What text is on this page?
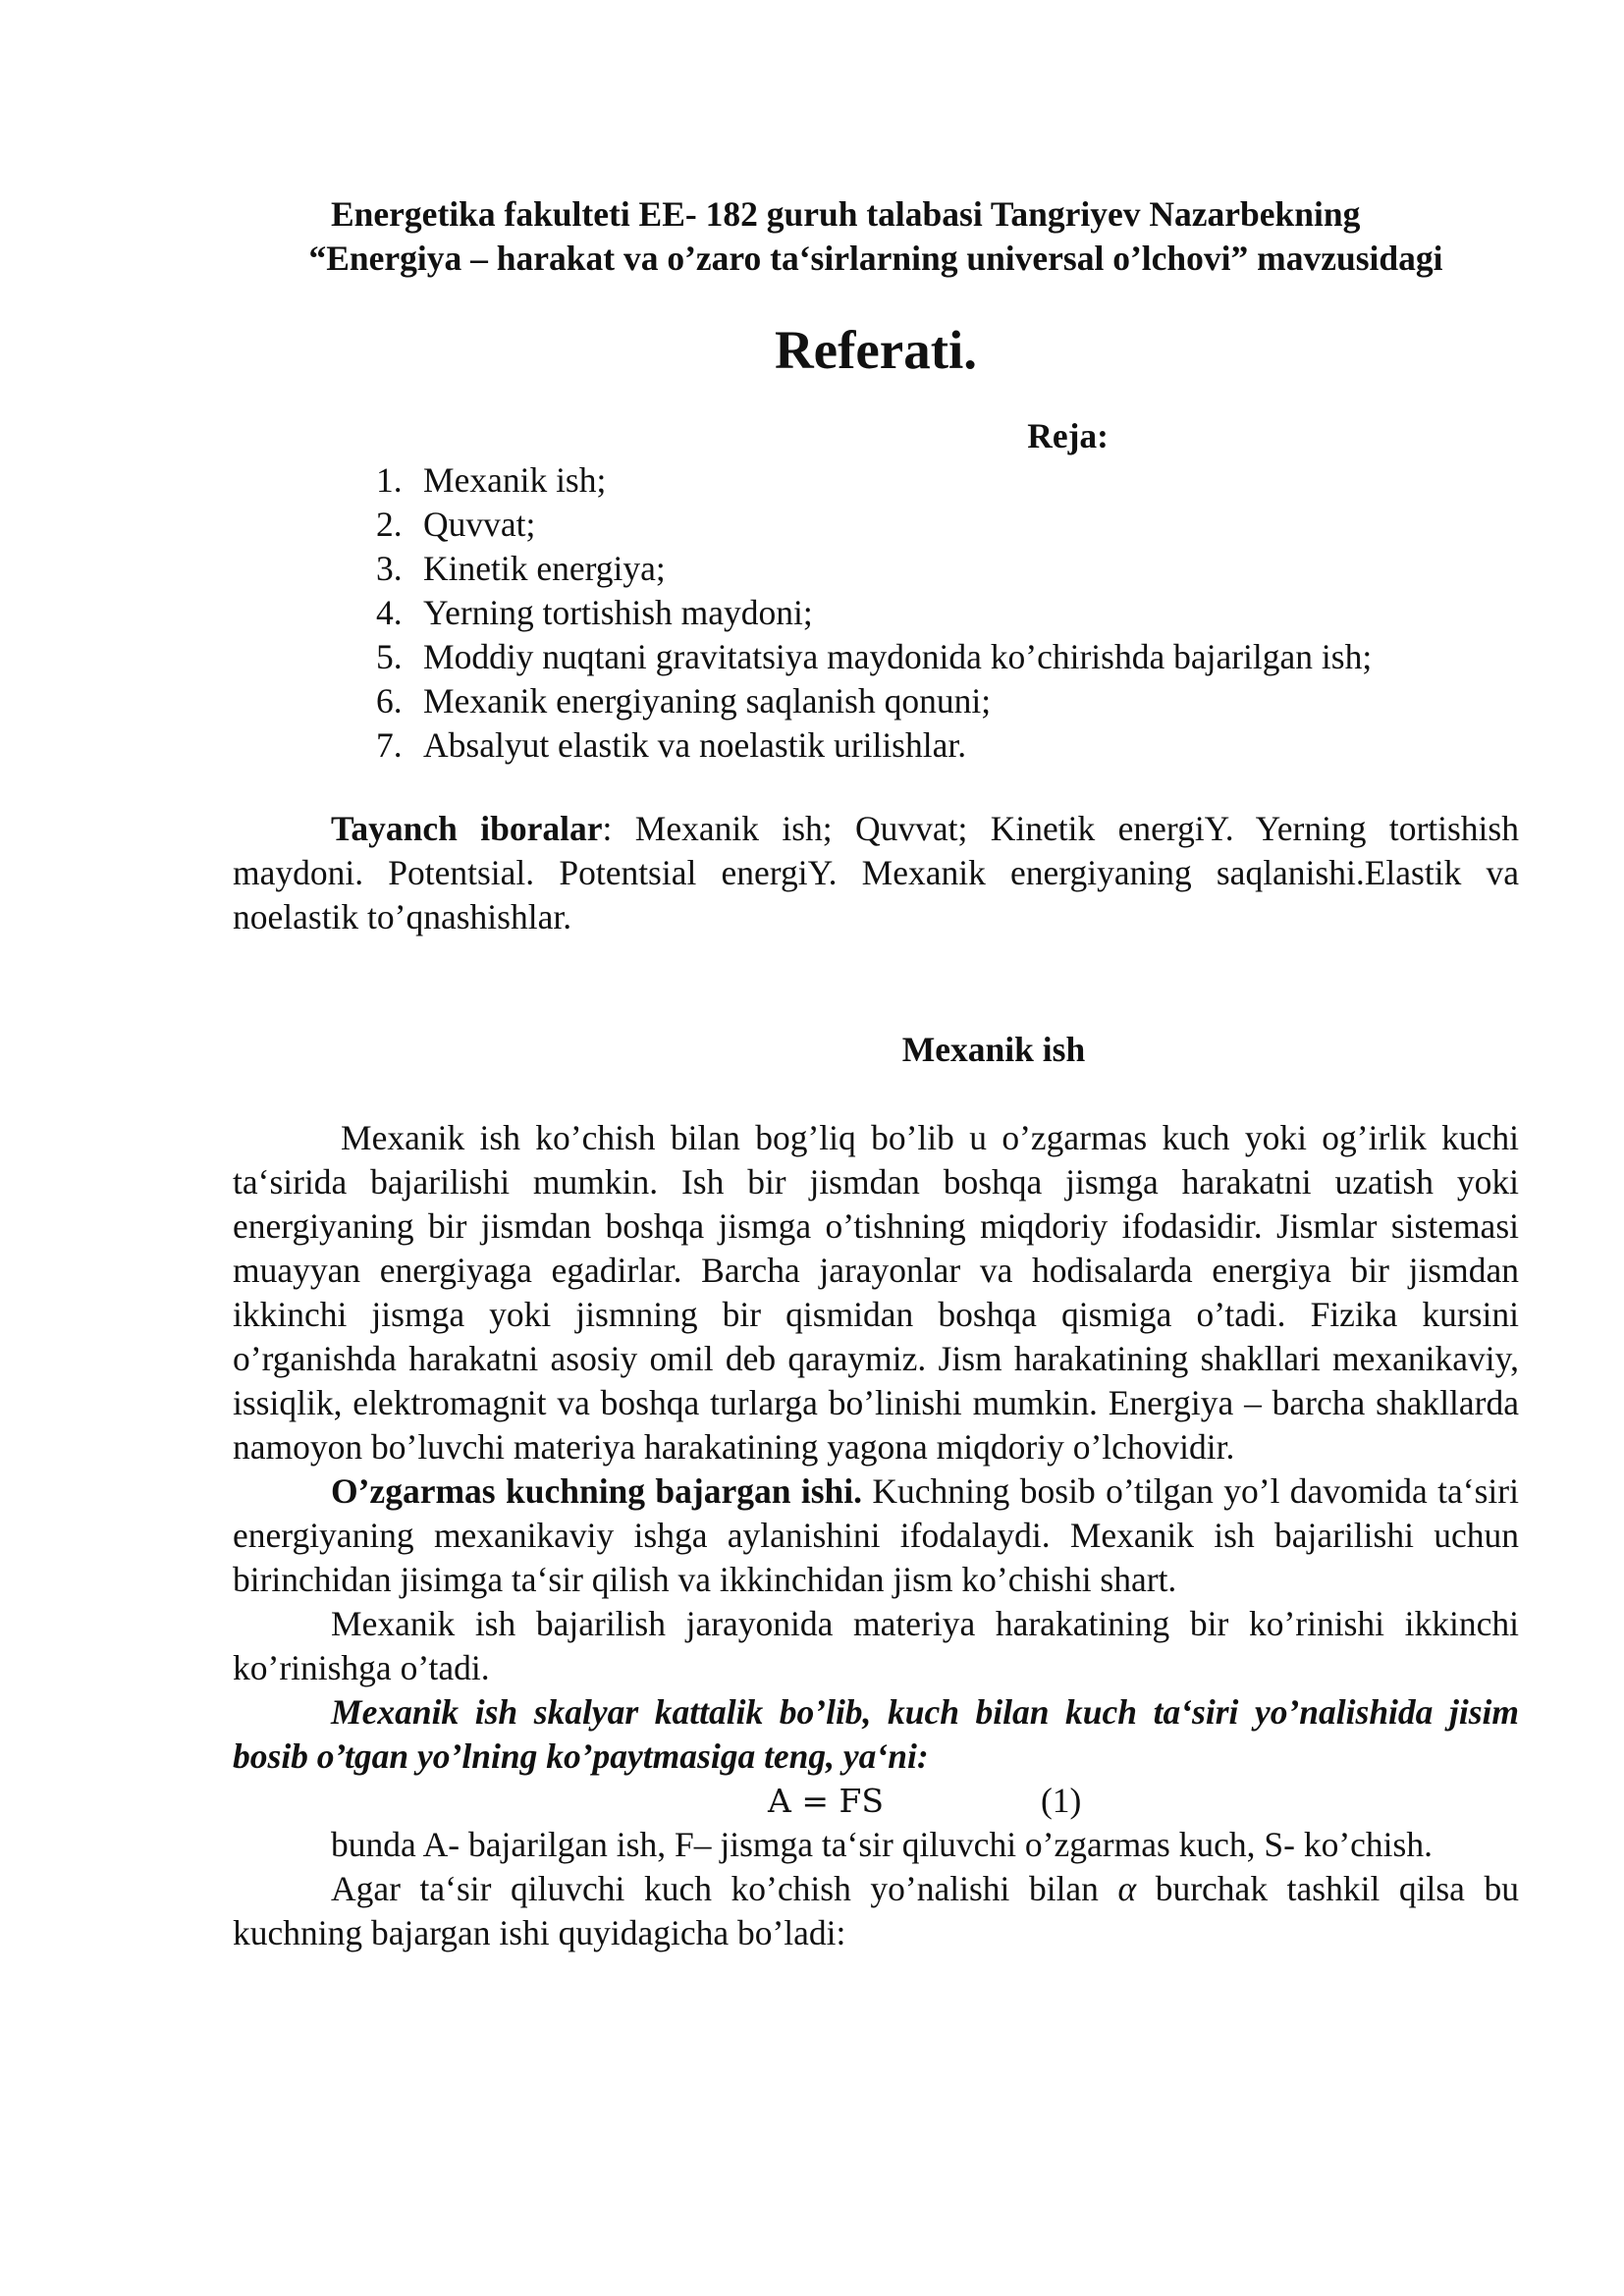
Energetika fakulteti EE- 182 guruh talabasi Tangriyev Nazarbekning

“Energiya – harakat va o’zaro ta‘sirlarning universal o’lchovi” mavzusidagi

Referati.

Reja:

1. Mexanik ish;
2. Quvvat;
3. Kinetik energiya;
4. Yerning tortishish maydoni;
5. Moddiy nuqtani gravitatsiya maydonida ko’chirishda bajarilgan ish;
6. Mexanik energiyaning saqlanish qonuni;
7. Absalyut elastik va noelastik urilishlar.

Tayanch iboralar: Mexanik ish; Quvvat; Kinetik energiY. Yerning tortishish maydoni. Potentsial. Potentsial energiY. Mexanik energiyaning saqlanishi.Elastik va noelastik to’qnashishlar.

Mexanik ish

Mexanik ish ko’chish bilan bog’liq bo’lib u o’zgarmas kuch yoki og’irlik kuchi ta‘sirida bajarilishi mumkin. Ish bir jismdan boshqa jismga harakatni uzatish yoki energiyaning bir jismdan boshqa jismga o’tishning miqdoriy ifodasidir. Jismlar sistemasi muayyan energiyaga egadirlar. Barcha jarayonlar va hodisalarda energiya bir jismdan ikkinchi jismga yoki jismning bir qismidan boshqa qismiga o’tadi. Fizika kursini o’rganishda harakatni asosiy omil deb qaraymiz. Jism harakatining shakllari mexanikaviy, issiqlik, elektromagnit va boshqa turlarga bo’linishi mumkin. Energiya – barcha shakllarda namoyon bo’luvchi materiya harakatining yagona miqdoriy o’lchovidir.

O’zgarmas kuchning bajargan ishi. Kuchning bosib o’tilgan yo’l davomida ta‘siri energiyaning mexanikaviy ishga aylanishini ifodalaydi. Mexanik ish bajarilishi uchun birinchidan jisimga ta‘sir qilish va ikkinchidan jism ko’chishi shart.

Mexanik ish bajarilish jarayonida materiya harakatining bir ko’rinishi ikkinchi ko’rinishga o’tadi.

Mexanik ish skalyar kattalik bo’lib, kuch bilan kuch ta‘siri yo’nalishida jisim bosib o’tgan yo’lning ko’paytmasiga teng, ya‘ni:

A = FS	(1)

bunda A- bajarilgan ish, F– jismga ta‘sir qiluvchi o’zgarmas kuch, S- ko’chish.

Agar ta‘sir qiluvchi kuch ko’chish yo’nalishi bilan α burchak tashkil qilsa bu kuchning bajargan ishi quyidagicha bo’ladi:
